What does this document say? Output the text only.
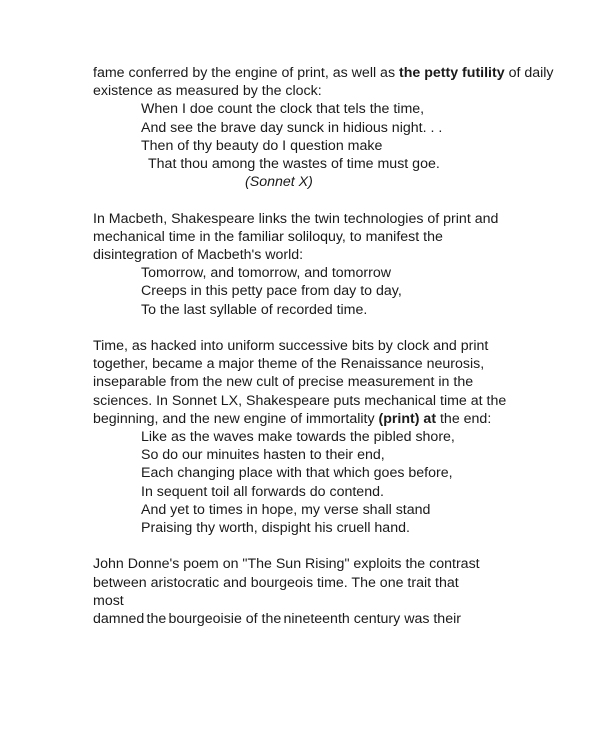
fame conferred by the engine of print, as well as the petty futility of daily existence as measured by the clock:

When I doe count the clock that tels the time,
And see the brave day sunck in hidious night. . .
Then of thy beauty do I question make
That thou among the wastes of time must goe.
(Sonnet X)

In Macbeth, Shakespeare links the twin technologies of print and mechanical time in the familiar soliloquy, to manifest the disintegration of Macbeth's world:

Tomorrow, and tomorrow, and tomorrow
Creeps in this petty pace from day to day,
To the last syllable of recorded time.

Time, as hacked into uniform successive bits by clock and print together, became a major theme of the Renaissance neurosis, inseparable from the new cult of precise measurement in the sciences. In Sonnet LX, Shakespeare puts mechanical time at the beginning, and the new engine of immortality (print) at the end:

Like as the waves make towards the pibled shore,
So do our minuites hasten to their end,
Each changing place with that which goes before,
In sequent toil all forwards do contend.
And yet to times in hope, my verse shall stand
Praising thy worth, dispight his cruell hand.

John Donne's poem on "The Sun Rising" exploits the contrast between aristocratic and bourgeois time. The one trait that most

damned the bourgeoisie of the nineteenth century was their
